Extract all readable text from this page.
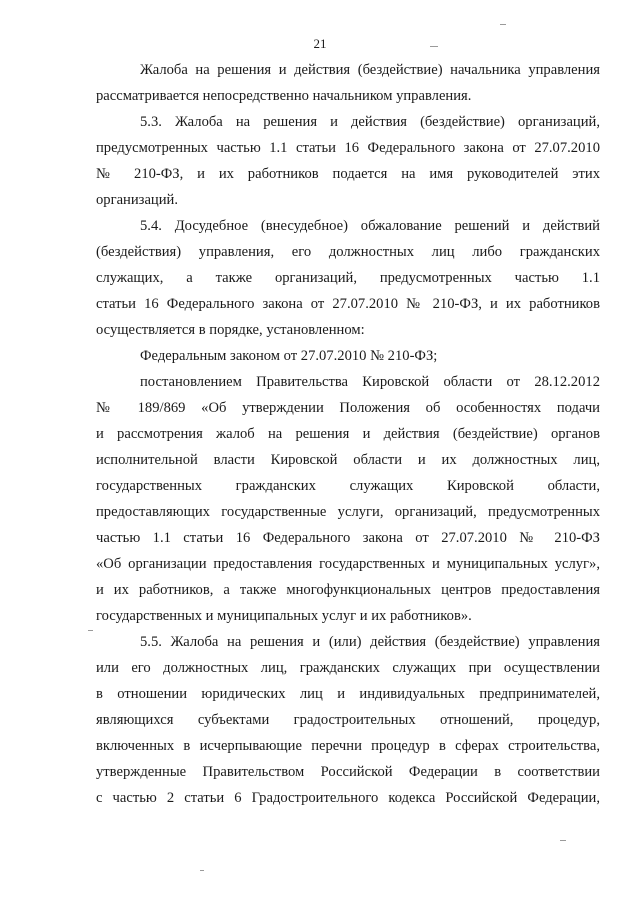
21
Жалоба на решения и действия (бездействие) начальника управления
рассматривается непосредственно начальником управления.
5.3. Жалоба на решения и действия (бездействие) организаций,
предусмотренных частью 1.1 статьи 16 Федерального закона от 27.07.2010
№ 210-ФЗ, и их работников подается на имя руководителей этих
организаций.
5.4. Досудебное (внесудебное) обжалование решений и действий
(бездействия) управления, его должностных лиц либо гражданских
служащих, а также организаций, предусмотренных частью 1.1
статьи 16 Федерального закона от 27.07.2010 № 210-ФЗ, и их работников
осуществляется в порядке, установленном:
Федеральным законом от 27.07.2010 № 210-ФЗ;
постановлением Правительства Кировской области от 28.12.2012
№ 189/869 «Об утверждении Положения об особенностях подачи
и рассмотрения жалоб на решения и действия (бездействие) органов
исполнительной власти Кировской области и их должностных лиц,
государственных гражданских служащих Кировской области,
предоставляющих государственные услуги, организаций, предусмотренных
частью 1.1 статьи 16 Федерального закона от 27.07.2010 № 210-ФЗ
«Об организации предоставления государственных и муниципальных услуг»,
и их работников, а также многофункциональных центров предоставления
государственных и муниципальных услуг и их работников».
5.5. Жалоба на решения и (или) действия (бездействие) управления
или его должностных лиц, гражданских служащих при осуществлении
в отношении юридических лиц и индивидуальных предпринимателей,
являющихся субъектами градостроительных отношений, процедур,
включенных в исчерпывающие перечни процедур в сферах строительства,
утвержденные Правительством Российской Федерации в соответствии
с частью 2 статьи 6 Градостроительного кодекса Российской Федерации,
